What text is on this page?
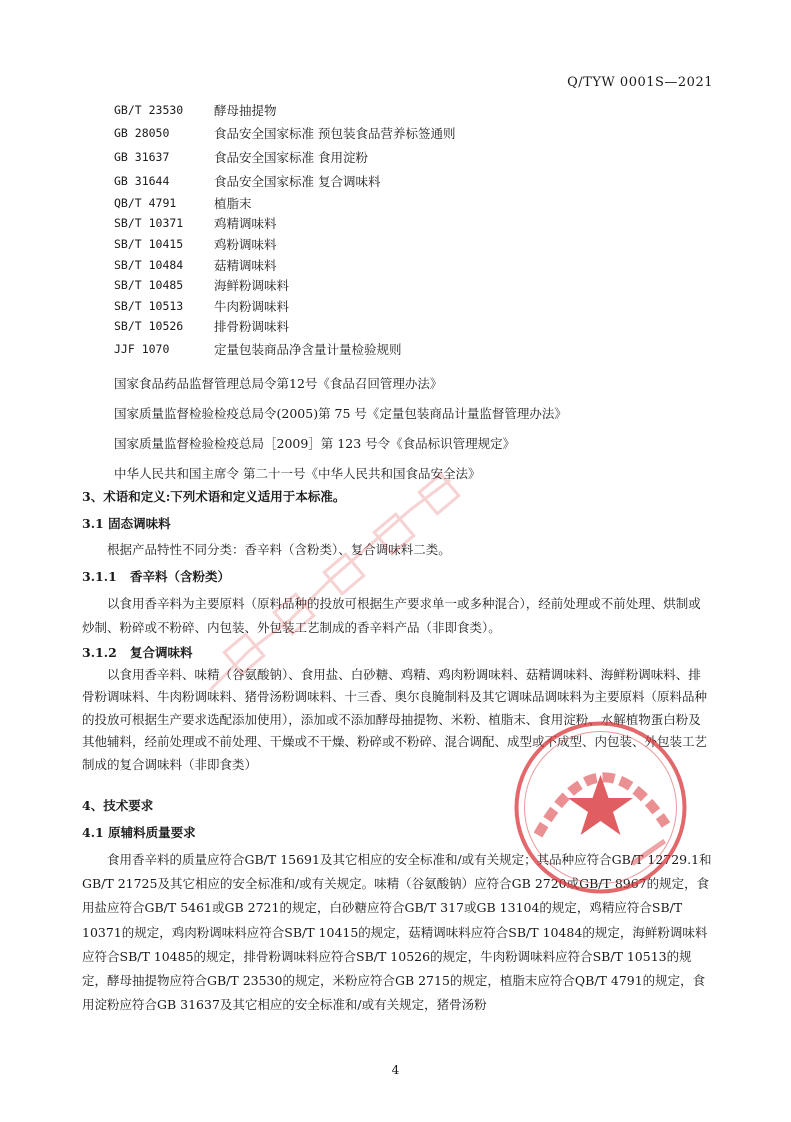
Q/TYW 0001S—2021
GB/T 23530	酵母抽提物
GB 28050	食品安全国家标准 预包装食品营养标签通则
GB 31637	食品安全国家标准 食用淀粉
GB 31644	食品安全国家标准 复合调味料
QB/T 4791	植脂末
SB/T 10371	鸡精调味料
SB/T 10415	鸡粉调味料
SB/T 10484	菇精调味料
SB/T 10485	海鲜粉调味料
SB/T 10513	牛肉粉调味料
SB/T 10526	排骨粉调味料
JJF 1070	定量包装商品净含量计量检验规则
国家食品药品监督管理总局令第12号《食品召回管理办法》
国家质量监督检验检疫总局令(2005)第 75 号《定量包装商品计量监督管理办法》
国家质量监督检验检疫总局［2009］第 123 号令《食品标识管理规定》
中华人民共和国主席令 第二十一号《中华人民共和国食品安全法》

3、术语和定义:下列术语和定义适用于本标准。

3.1 固态调味料

根据产品特性不同分类：香辛料（含粉类）、复合调味料二类。

3.1.1 香辛料（含粉类）

以食用香辛料为主要原料（原料品种的投放可根据生产要求单一或多种混合），经前处理或不前处理、烘制或炒制、粉碎或不粉碎、内包装、外包装工艺制成的香辛料产品（非即食类）。

3.1.2 复合调味料

以食用香辛料、味精（谷氨酸钠）、食用盐、白砂糖、鸡精、鸡肉粉调味料、菇精调味料、海鲜粉调味料、排骨粉调味料、牛肉粉调味料、猪骨汤粉调味料、十三香、奥尔良腌制料及其它调味品调味料为主要原料（原料品种的投放可根据生产要求选配添加使用），添加或不添加酵母抽提物、米粉、植脂末、食用淀粉、水解植物蛋白粉及其他辅料，经前处理或不前处理、干燥或不干燥、粉碎或不粉碎、混合调配、成型或不成型、内包装、外包装工艺制成的复合调味料（非即食类）

4、技术要求

4.1 原辅料质量要求

食用香辛料的质量应符合GB/T 15691及其它相应的安全标准和/或有关规定；其品种应符合GB/T 12729.1和GB/T 21725及其它相应的安全标准和/或有关规定。味精（谷氨酸钠）应符合GB 2720或GB/T 8967的规定，食用盐应符合GB/T 5461或GB 2721的规定，白砂糖应符合GB/T 317或GB 13104的规定，鸡精应符合SB/T 10371的规定，鸡肉粉调味料应符合SB/T 10415的规定，菇精调味料应符合SB/T 10484的规定，海鲜粉调味料应符合SB/T 10485的规定，排骨粉调味料应符合SB/T 10526的规定，牛肉粉调味料应符合SB/T 10513的规定，酵母抽提物应符合GB/T 23530的规定，米粉应符合GB 2715的规定，植脂末应符合QB/T 4791的规定，食用淀粉应符合GB 31637及其它相应的安全标准和/或有关规定，猪骨汤粉

4
